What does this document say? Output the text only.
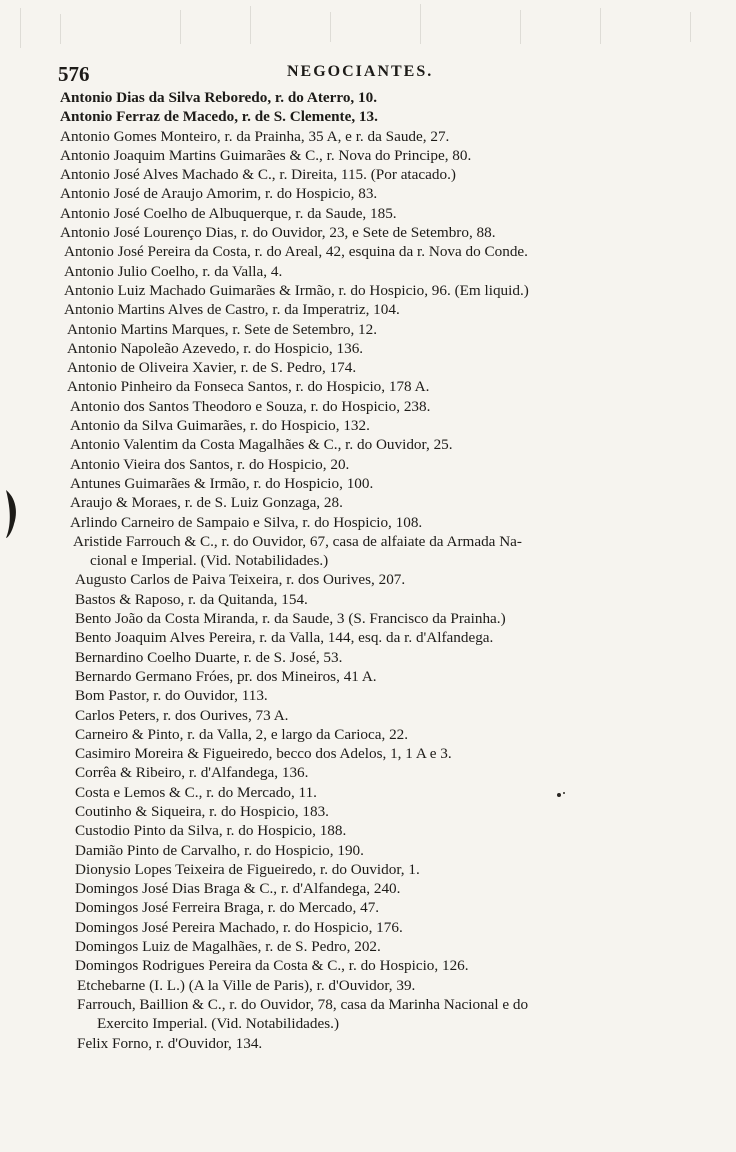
576	NEGOCIANTES.

Antonio Dias da Silva Reboredo, r. do Aterro, 10.

Antonio Ferraz de Macedo, r. de S. Clemente, 13.

Antonio Gomes Monteiro, r. da Prainha, 35 A, e r. da Saude, 27.

Antonio Joaquim Martins Guimarães & C., r. Nova do Principe, 80.

Antonio José Alves Machado & C., r. Direita, 115. (Por atacado.)

Antonio José de Araujo Amorim, r. do Hospicio, 83.

Antonio José Coelho de Albuquerque, r. da Saude, 185.

Antonio José Lourenço Dias, r. do Ouvidor, 23, e Sete de Setembro, 88.

Antonio José Pereira da Costa, r. do Areal, 42, esquina da r. Nova do Conde.

Antonio Julio Coelho, r. da Valla, 4.

Antonio Luiz Machado Guimarães & Irmão, r. do Hospicio, 96. (Em liquid.)

Antonio Martins Alves de Castro, r. da Imperatriz, 104.

Antonio Martins Marques, r. Sete de Setembro, 12.

Antonio Napoleão Azevedo, r. do Hospicio, 136.

Antonio de Oliveira Xavier, r. de S. Pedro, 174.

Antonio Pinheiro da Fonseca Santos, r. do Hospicio, 178 A.

Antonio dos Santos Theodoro e Souza, r. do Hospicio, 238.

Antonio da Silva Guimarães, r. do Hospicio, 132.

Antonio Valentim da Costa Magalhães & C., r. do Ouvidor, 25.

Antonio Vieira dos Santos, r. do Hospicio, 20.

Antunes Guimarães & Irmão, r. do Hospicio, 100.

Araujo & Moraes, r. de S. Luiz Gonzaga, 28.

Arlindo Carneiro de Sampaio e Silva, r. do Hospicio, 108.

Aristide Farrouch & C., r. do Ouvidor, 67, casa de alfaiate da Armada Na-

cional e Imperial. (Vid. Notabilidades.)

Augusto Carlos de Paiva Teixeira, r. dos Ourives, 207.

Bastos & Raposo, r. da Quitanda, 154.

Bento João da Costa Miranda, r. da Saude, 3 (S. Francisco da Prainha.)

Bento Joaquim Alves Pereira, r. da Valla, 144, esq. da r. d'Alfandega.

Bernardino Coelho Duarte, r. de S. José, 53.

Bernardo Germano Fróes, pr. dos Mineiros, 41 A.

Bom Pastor, r. do Ouvidor, 113.

Carlos Peters, r. dos Ourives, 73 A.

Carneiro & Pinto, r. da Valla, 2, e largo da Carioca, 22.

Casimiro Moreira & Figueiredo, becco dos Adelos, 1, 1 A e 3.

Corrêa & Ribeiro, r. d'Alfandega, 136.

Costa e Lemos & C., r. do Mercado, 11.

Coutinho & Siqueira, r. do Hospicio, 183.

Custodio Pinto da Silva, r. do Hospicio, 188.

Damião Pinto de Carvalho, r. do Hospicio, 190.

Dionysio Lopes Teixeira de Figueiredo, r. do Ouvidor, 1.

Domingos José Dias Braga & C., r. d'Alfandega, 240.

Domingos José Ferreira Braga, r. do Mercado, 47.

Domingos José Pereira Machado, r. do Hospicio, 176.

Domingos Luiz de Magalhães, r. de S. Pedro, 202.

Domingos Rodrigues Pereira da Costa & C., r. do Hospicio, 126.

Etchebarne (I. L.) (A la Ville de Paris), r. d'Ouvidor, 39.

Farrouch, Baillion & C., r. do Ouvidor, 78, casa da Marinha Nacional e do

Exercito Imperial. (Vid. Notabilidades.)

Felix Forno, r. d'Ouvidor, 134.
